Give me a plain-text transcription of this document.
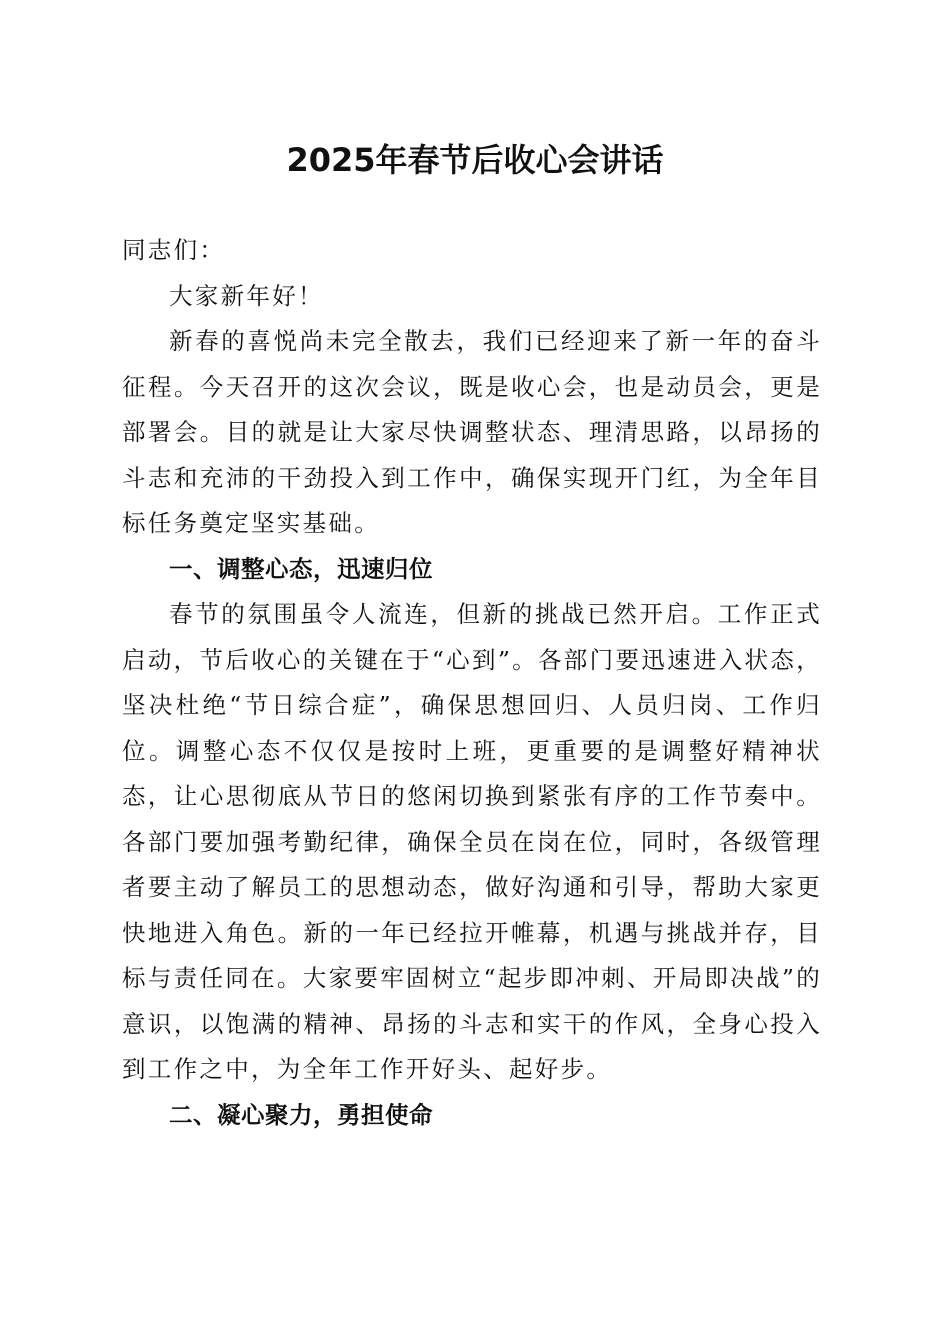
2025年春节后收心会讲话

同志们：

大家新年好！

新春的喜悦尚未完全散去，我们已经迎来了新一年的奋斗征程。今天召开的这次会议，既是收心会，也是动员会，更是部署会。目的就是让大家尽快调整状态、理清思路，以昂扬的斗志和充沛的干劲投入到工作中，确保实现开门红，为全年目标任务奠定坚实基础。

一、调整心态，迅速归位

春节的氛围虽令人流连，但新的挑战已然开启。工作正式启动，节后收心的关键在于“心到”。各部门要迅速进入状态，坚决杜绝“节日综合症”，确保思想回归、人员归岗、工作归位。调整心态不仅仅是按时上班，更重要的是调整好精神状态，让心思彻底从节日的悠闲切换到紧张有序的工作节奏中。各部门要加强考勤纪律，确保全员在岗在位，同时，各级管理者要主动了解员工的思想动态，做好沟通和引导，帮助大家更快地进入角色。新的一年已经拉开帷幕，机遇与挑战并存，目标与责任同在。大家要牢固树立“起步即冲刺、开局即决战”的意识，以饱满的精神、昂扬的斗志和实干的作风，全身心投入到工作之中，为全年工作开好头、起好步。

二、凝心聚力，勇担使命
